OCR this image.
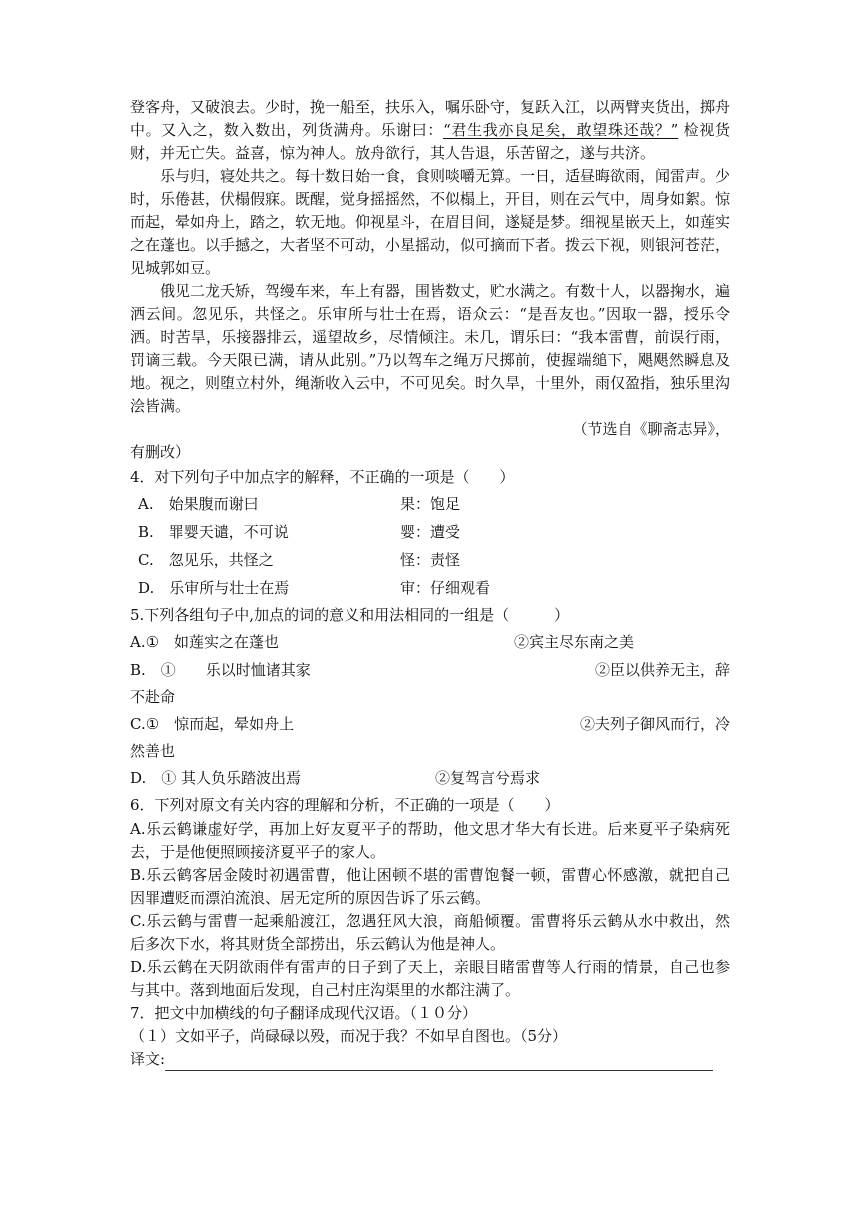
登客舟，又破浪去。少时，挽一船至，扶乐入，嘱乐卧守，复跃入江，以两臂夹货出，掷舟中。又入之，数入数出，列货满舟。乐谢曰：“君生我亦良足矣，敢望珠还哉？” 检视货财，并无亡失。益喜，惊为神人。放舟欲行，其人告退，乐苦留之，遂与共济。

乐与归，寝处共之。每十数日始一食，食则啖嚼无算。一日，适昼晦欲雨，闻雷声。少时，乐倦甚，伏榻假寐。既醒，觉身摇摇然，不似榻上，开目，则在云气中，周身如絮。惊而起，晕如舟上，踏之，软无地。仰视星斗，在眉目间，遂疑是梦。细视星嵌天上，如莲实之在蓬也。以手撼之，大者坚不可动，小星摇动，似可摘而下者。拨云下视，则银河苍茫，见城郭如豆。

俄见二龙夭矫，驾缦车来，车上有器，围皆数丈，贮水满之。有数十人，以器掬水，遍洒云间。忽见乐，共怪之。乐审所与壮士在焉，语众云：“是吾友也。”因取一器，授乐令洒。时苦旱，乐接器排云，遥望故乡，尽情倾注。未几，谓乐曰：“我本雷曹，前误行雨，罚谪三载。今天限已满，请从此别。”乃以驾车之绳万尺掷前，使握端缒下，飓飓然瞬息及地。视之，则堕立村外，绳渐收入云中，不可见矣。时久旱，十里外，雨仅盈指，独乐里沟浍皆满。

（节选自《聊斋志异》，

有删改）

4．对下列句子中加点字的解释，不正确的一项是（　　）

A.　始果腹而谢曰	果：饱足
B.　罪婴天谴，不可说	婴：遭受
C.　忽见乐，共怪之	怪：责怪
D.　乐审所与壮士在焉	审：仔细观看

5.下列各组句子中,加点的词的意义和用法相同的一组是（　　　）

A.①　如莲实之在蓬也	②宾主尽东南之美
B.　①　　乐以时恤诸其家	②臣以供养无主，辞

不赴命

C.①　惊而起，晕如舟上	②夫列子御风而行，冷

然善也

D.　① 其人负乐踏波出焉	②复驾言兮焉求

6．下列对原文有关内容的理解和分析，不正确的一项是（　　）

A.乐云鹤谦虚好学，再加上好友夏平子的帮助，他文思才华大有长进。后来夏平子染病死去，于是他便照顾接济夏平子的家人。

B.乐云鹤客居金陵时初遇雷曹，他让困顿不堪的雷曹饱餐一顿，雷曹心怀感激，就把自己因罪遭贬而漂泊流浪、居无定所的原因告诉了乐云鹤。

C.乐云鹤与雷曹一起乘船渡江，忽遇狂风大浪，商船倾覆。雷曹将乐云鹤从水中救出，然后多次下水，将其财货全部捞出，乐云鹤认为他是神人。

D.乐云鹤在天阴欲雨伴有雷声的日子到了天上，亲眼目睹雷曹等人行雨的情景，自己也参与其中。落到地面后发现，自己村庄沟渠里的水都注满了。

7．把文中加横线的句子翻译成现代汉语。（１０分）

（１）文如平子，尚碌碌以殁，而况于我？不如早自图也。（5分）

译文:
